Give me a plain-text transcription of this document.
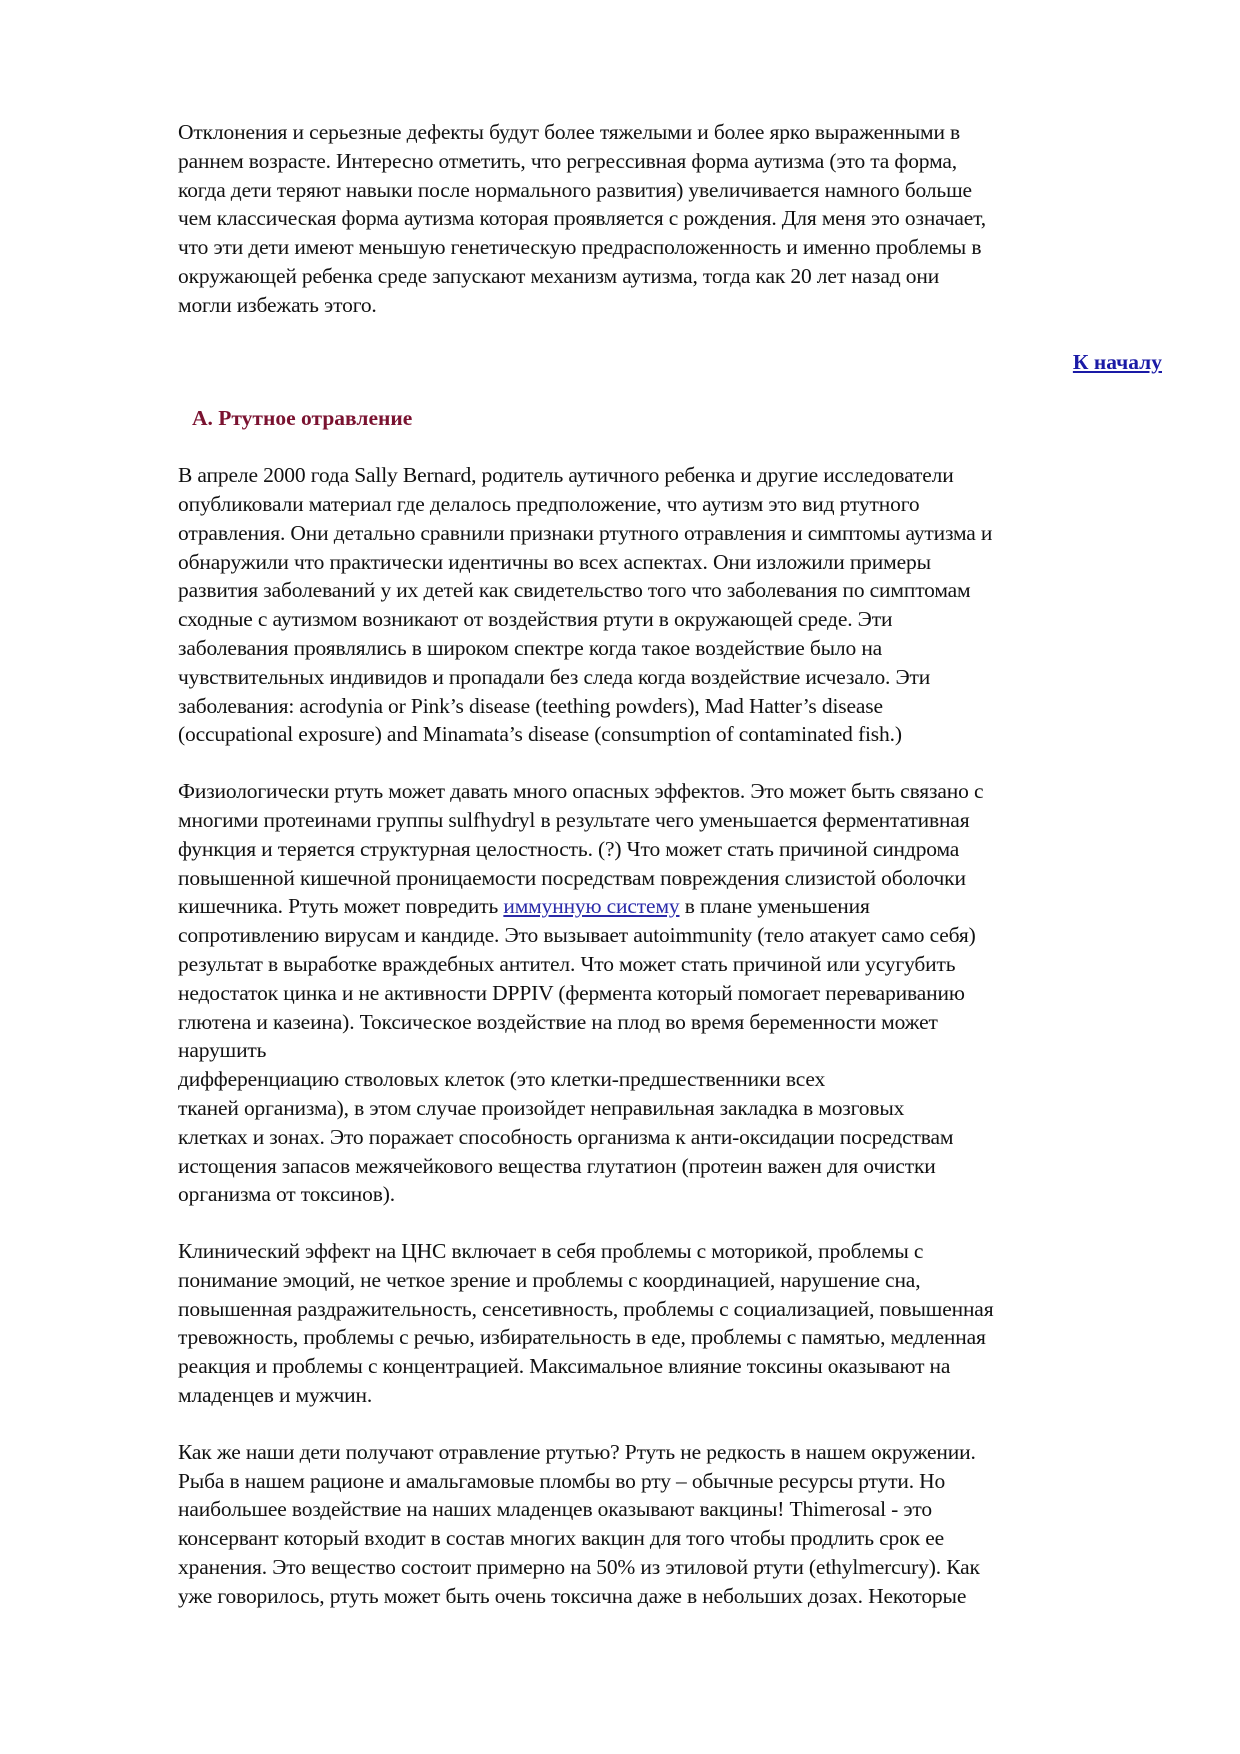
Отклонения и серьезные дефекты будут более тяжелыми и более ярко выраженными в
раннем возрасте. Интересно отметить, что регрессивная форма аутизма (это та форма,
когда дети теряют навыки после нормального развития) увеличивается намного больше
чем классическая форма аутизма которая проявляется с рождения. Для меня это означает,
что эти дети имеют меньшую генетическую предрасположенность и именно проблемы в
окружающей ребенка среде запускают механизм аутизма, тогда как 20 лет назад они
могли избежать этого.

К началу
А. Ртутное отравление

В апреле 2000 года Sally Bernard, родитель аутичного ребенка и другие исследователи
опубликовали материал где делалось предположение, что аутизм это вид ртутного
отравления. Они детально сравнили признаки ртутного отравления и симптомы аутизма и
обнаружили что практически идентичны во всех аспектах. Они изложили примеры
развития заболеваний у их детей как свидетельство того что заболевания по симптомам
сходные с аутизмом возникают от воздействия ртути в окружающей среде. Эти
заболевания проявлялись в широком спектре когда такое воздействие было на
чувствительных индивидов и пропадали без следа когда воздействие исчезало. Эти
заболевания: acrodynia or Pink’s disease (teething powders), Mad Hatter’s disease
(occupational exposure) and Minamata’s disease (consumption of contaminated fish.)

Физиологически ртуть может давать много опасных эффектов. Это может быть связано с
многими протеинами группы sulfhydryl в результате чего уменьшается ферментативная
функция и теряется структурная целостность. (?) Что может стать причиной синдрома
повышенной кишечной проницаемости посредствам повреждения слизистой оболочки
кишечника. Ртуть может повредить иммунную систему в плане уменьшения
сопротивлению вирусам и кандиде. Это вызывает autoimmunity (тело атакует само себя)
результат в выработке враждебных антител. Что может стать причиной или усугубить
недостаток цинка и не активности DPPIV (фермента который помогает перевариванию
глютена и казеина). Токсическое воздействие на плод во время беременности может
нарушить
дифференциацию стволовых клеток (это клетки-предшественники всех
тканей организма), в этом случае произойдет неправильная закладка в мозговых
клетках и зонах. Это поражает способность организма к анти-оксидации посредствам
истощения запасов межячейкового вещества глутатион (протеин важен для очистки
организма от токсинов).

Клинический эффект на ЦНС включает в себя проблемы с моторикой, проблемы с
понимание эмоций, не четкое зрение и проблемы с координацией, нарушение сна,
повышенная раздражительность, сенсетивность, проблемы с социализацией, повышенная
тревожность, проблемы с речью, избирательность в еде, проблемы с памятью, медленная
реакция и проблемы с концентрацией. Максимальное влияние токсины оказывают на
младенцев и мужчин.

Как же наши дети получают отравление ртутью? Ртуть не редкость в нашем окружении.
Рыба в нашем рационе и амальгамовые пломбы во рту – обычные ресурсы ртути. Но
наибольшее воздействие на наших младенцев оказывают вакцины! Thimerosal - это
консервант который входит в состав многих вакцин для того чтобы продлить срок ее
хранения. Это вещество состоит примерно на 50% из этиловой ртути (ethylmercury). Как
уже говорилось, ртуть может быть очень токсична даже в небольших дозах. Некоторые
